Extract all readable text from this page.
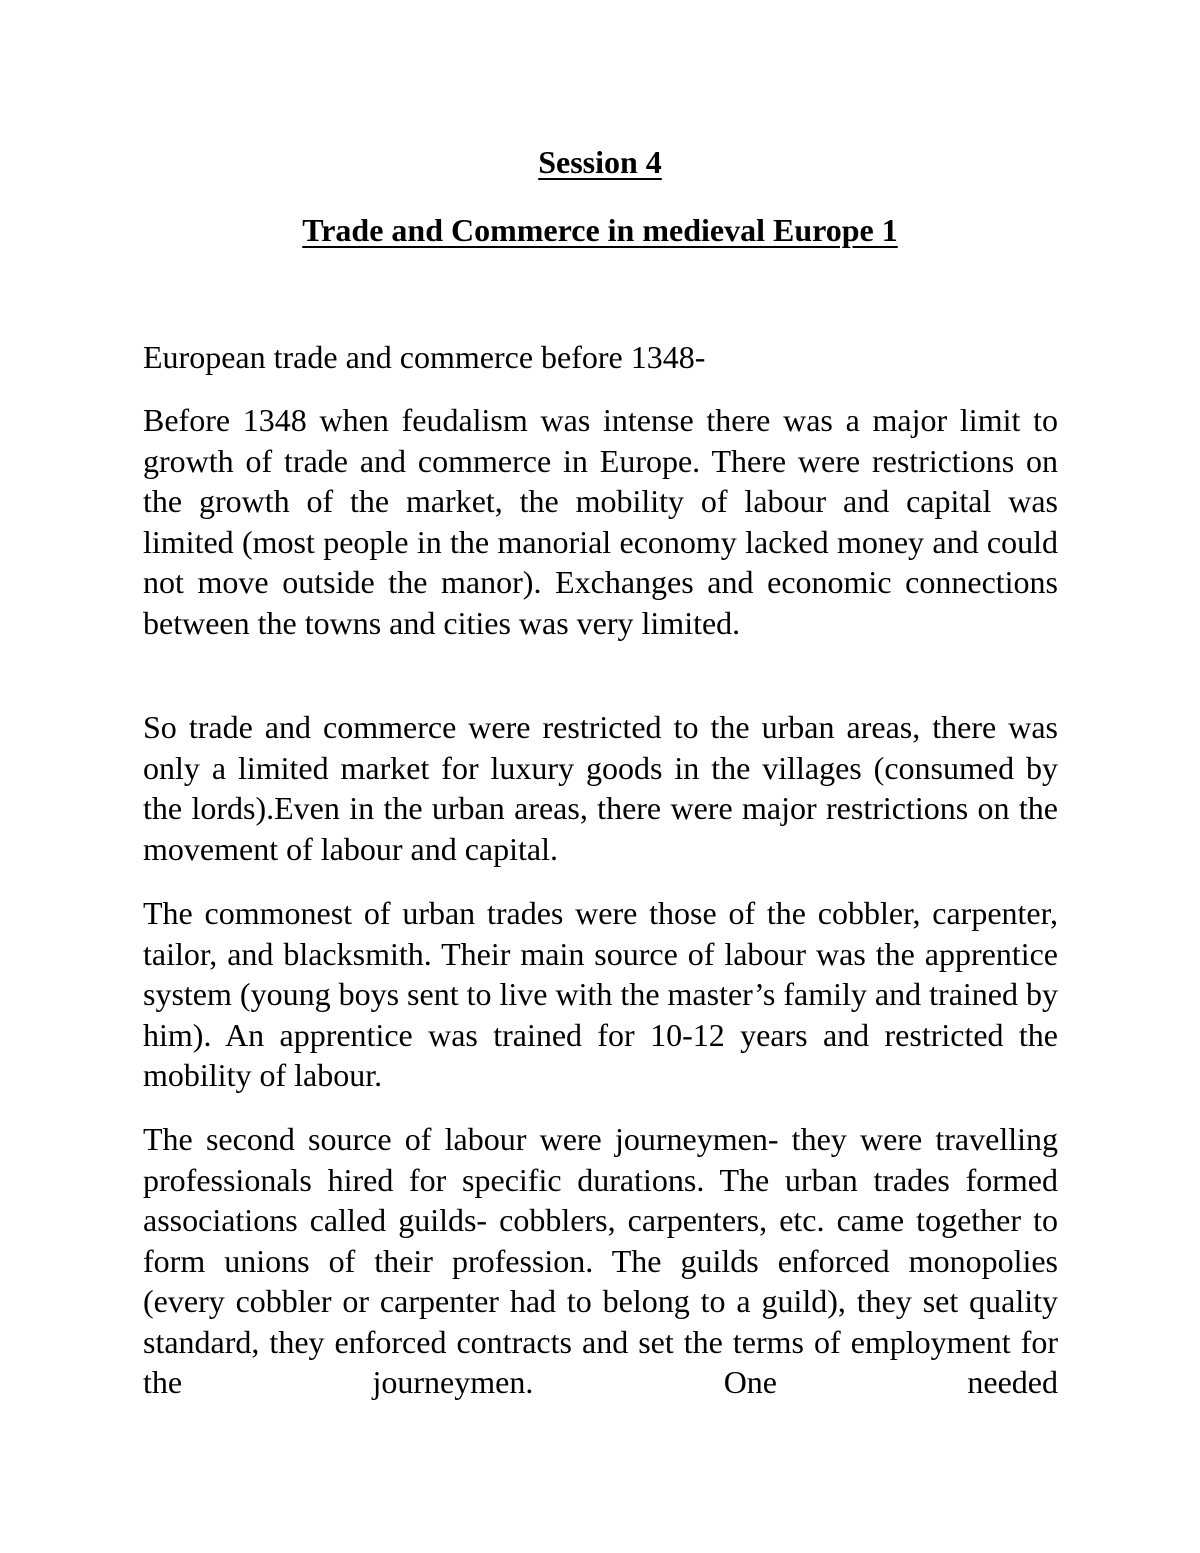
Session 4
Trade and Commerce in medieval Europe 1

European trade and commerce before 1348-

Before 1348 when feudalism was intense there was a major limit to growth of trade and commerce in Europe. There were restrictions on the growth of the market, the mobility of labour and capital was limited (most people in the manorial economy lacked money and could not move outside the manor). Exchanges and economic connections between the towns and cities was very limited.

So trade and commerce were restricted to the urban areas, there was only a limited market for luxury goods in the villages (consumed by the lords).Even in the urban areas, there were major restrictions on the movement of labour and capital.

The commonest of urban trades were those of the cobbler, carpenter, tailor, and blacksmith. Their main source of labour was the apprentice system (young boys sent to live with the master’s family and trained by him). An apprentice was trained for 10-12 years and restricted the mobility of labour.

The second source of labour were journeymen- they were travelling professionals hired for specific durations. The urban trades formed associations called guilds- cobblers, carpenters, etc. came together to form unions of their profession. The guilds enforced monopolies (every cobbler or carpenter had to belong to a guild), they set quality standard, they enforced contracts and set the terms of employment for the journeymen. One needed
